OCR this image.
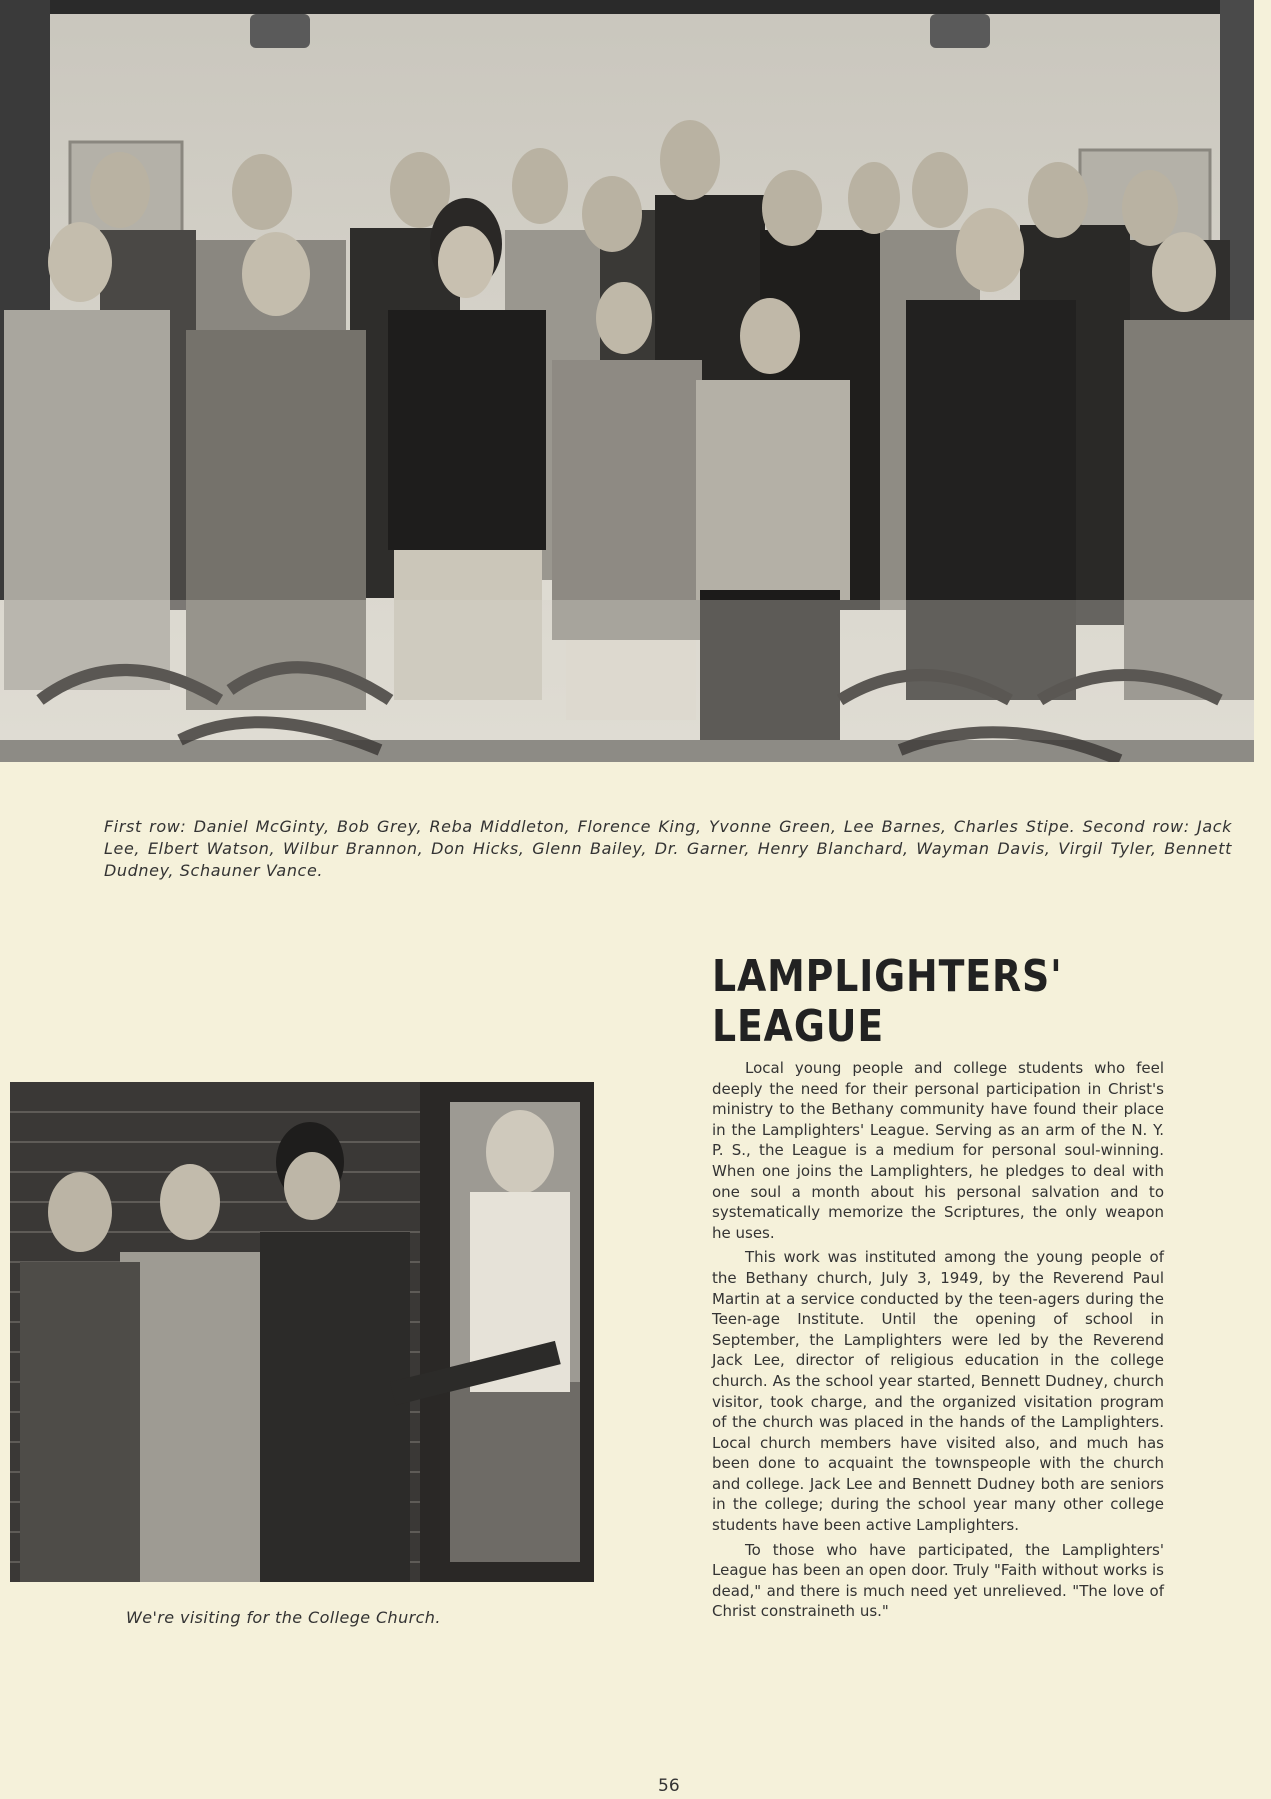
First row: Daniel McGinty, Bob Grey, Reba Middleton, Florence King, Yvonne Green, Lee Barnes, Charles Stipe. Second row: Jack Lee, Elbert Watson, Wilbur Brannon, Don Hicks, Glenn Bailey, Dr. Garner, Henry Blanchard, Wayman Davis, Virgil Tyler, Bennett Dudney, Schauner Vance.

LAMPLIGHTERS' LEAGUE
We're visiting for the College Church.

Local young people and college students who feel deeply the need for their personal participation in Christ's ministry to the Bethany community have found their place in the Lamplighters' League. Serving as an arm of the N. Y. P. S., the League is a medium for personal soul-winning. When one joins the Lamplighters, he pledges to deal with one soul a month about his personal salvation and to systematically memorize the Scriptures, the only weapon he uses.

This work was instituted among the young people of the Bethany church, July 3, 1949, by the Reverend Paul Martin at a service conducted by the teen-agers during the Teen-age Institute. Until the opening of school in September, the Lamplighters were led by the Reverend Jack Lee, director of religious education in the college church. As the school year started, Bennett Dudney, church visitor, took charge, and the organized visitation program of the church was placed in the hands of the Lamplighters. Local church members have visited also, and much has been done to acquaint the townspeople with the church and college. Jack Lee and Bennett Dudney both are seniors in the college; during the school year many other college students have been active Lamplighters.

To those who have participated, the Lamplighters' League has been an open door. Truly "Faith without works is dead," and there is much need yet unrelieved. "The love of Christ constraineth us."

56
